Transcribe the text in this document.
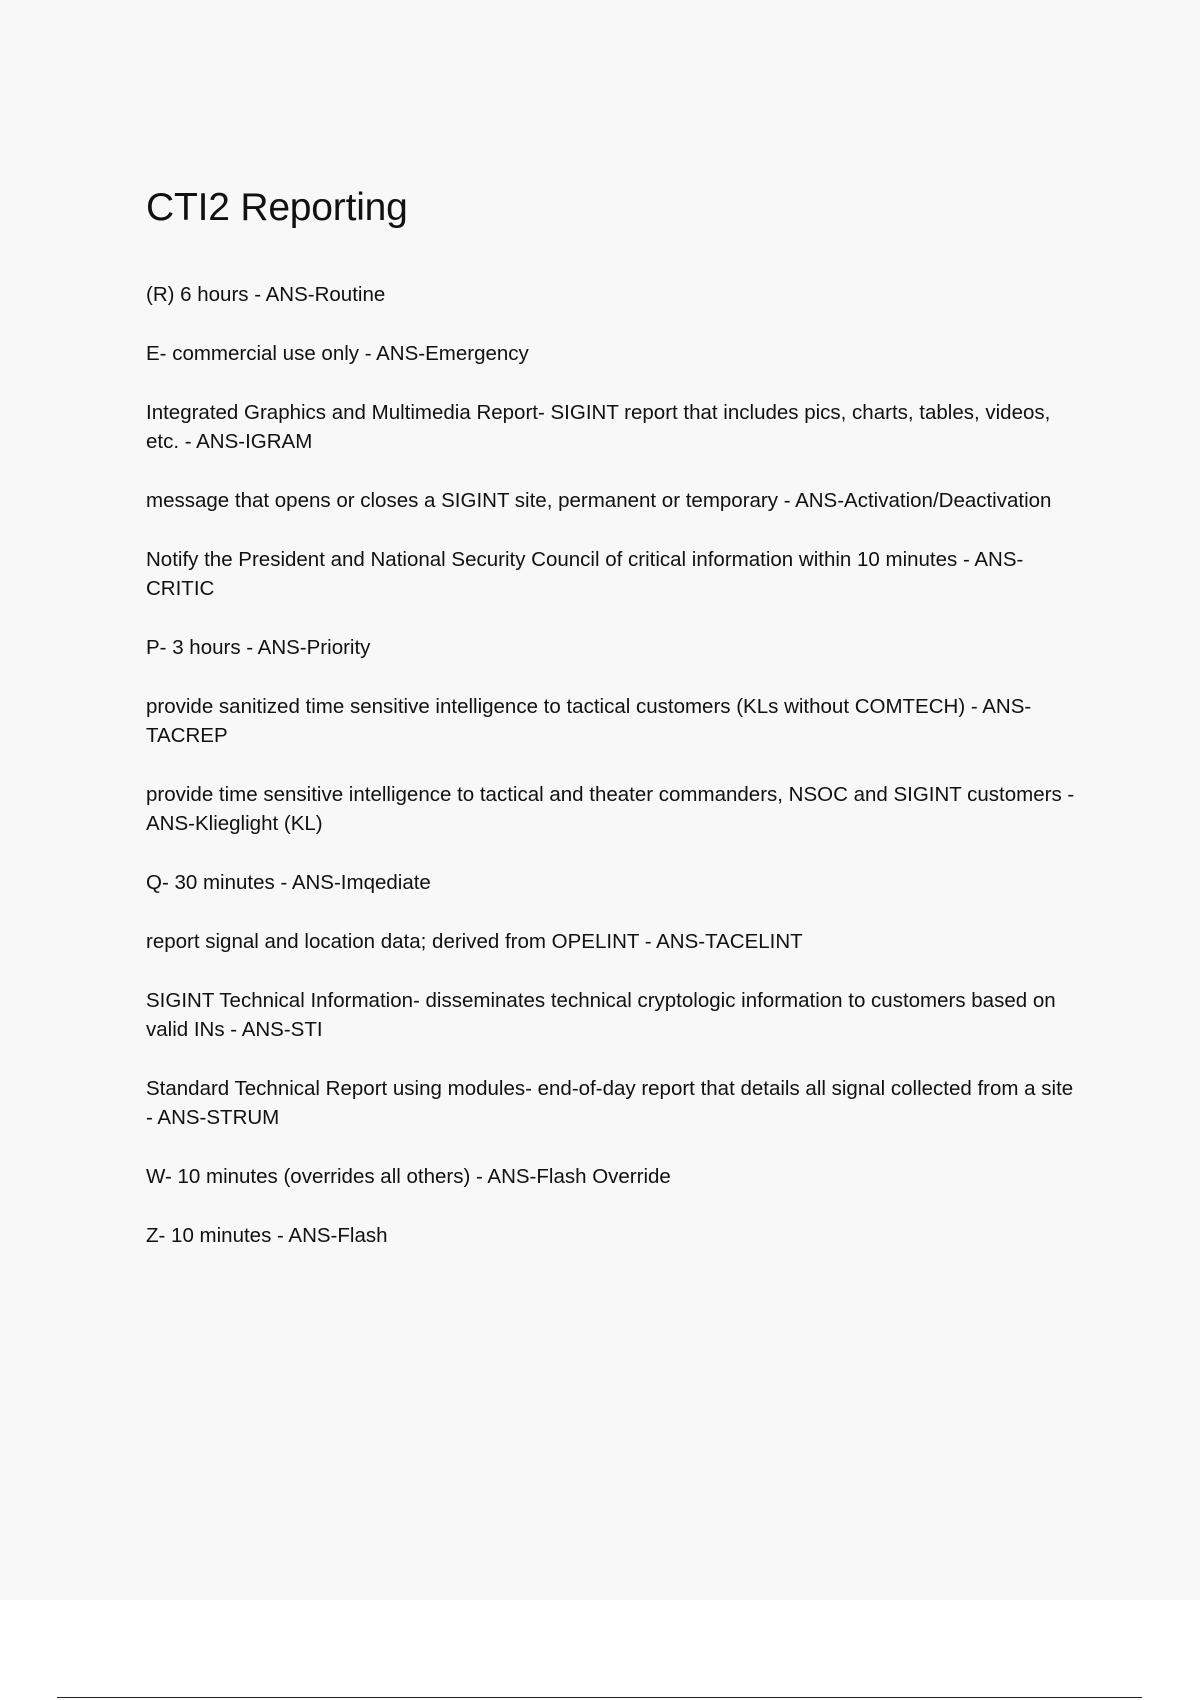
CTI2 Reporting
(R) 6 hours - ANS-Routine
E- commercial use only - ANS-Emergency
Integrated Graphics and Multimedia Report- SIGINT report that includes pics, charts, tables, videos, etc. - ANS-IGRAM
message that opens or closes a SIGINT site, permanent or temporary - ANS-Activation/Deactivation
Notify the President and National Security Council of critical information within 10 minutes - ANS-CRITIC
P- 3 hours - ANS-Priority
provide sanitized time sensitive intelligence to tactical customers (KLs without COMTECH) - ANS-TACREP
provide time sensitive intelligence to tactical and theater commanders, NSOC and SIGINT customers - ANS-Klieglight (KL)
Q- 30 minutes - ANS-Imqediate
report signal and location data; derived from OPELINT - ANS-TACELINT
SIGINT Technical Information- disseminates technical cryptologic information to customers based on valid INs - ANS-STI
Standard Technical Report using modules- end-of-day report that details all signal collected from a site - ANS-STRUM
W- 10 minutes (overrides all others) - ANS-Flash Override
Z- 10 minutes - ANS-Flash
